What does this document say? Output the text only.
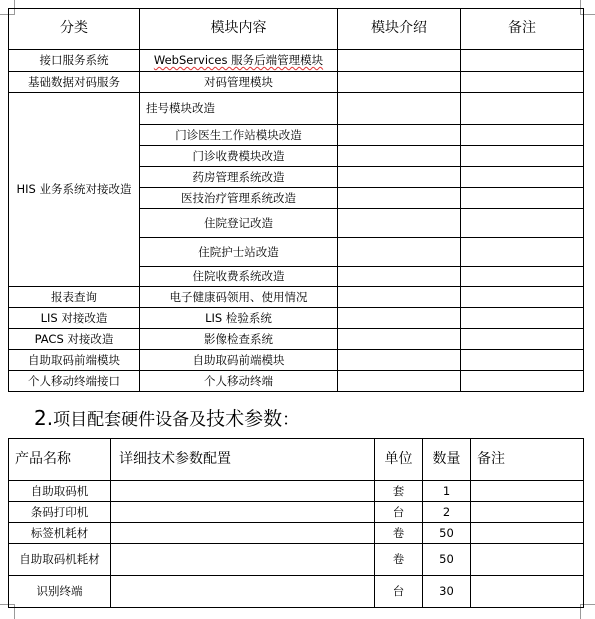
分类	模块内容	模块介绍	备注
接口服务系统	WebServices 服务后端管理模块		
基础数据对码服务	对码管理模块		
HIS 业务系统对接改造	挂号模块改造		
	门诊医生工作站模块改造		
	门诊收费模块改造		
	药房管理系统改造		
	医技治疗管理系统改造		
	住院登记改造		
	住院护士站改造		
	住院收费系统改造		
报表查询	电子健康码领用、使用情况		
LIS 对接改造	LIS 检验系统		
PACS 对接改造	影像检查系统		
自助取码前端模块	自助取码前端模块		
个人移动终端接口	个人移动终端		
2.项目配套硬件设备及技术参数：
产品名称	详细技术参数配置	单位	数量	备注
自助取码机		套	1	
条码打印机		台	2	
标签机耗材		卷	50	
自助取码机耗材		卷	50	
识别终端		台	30	
